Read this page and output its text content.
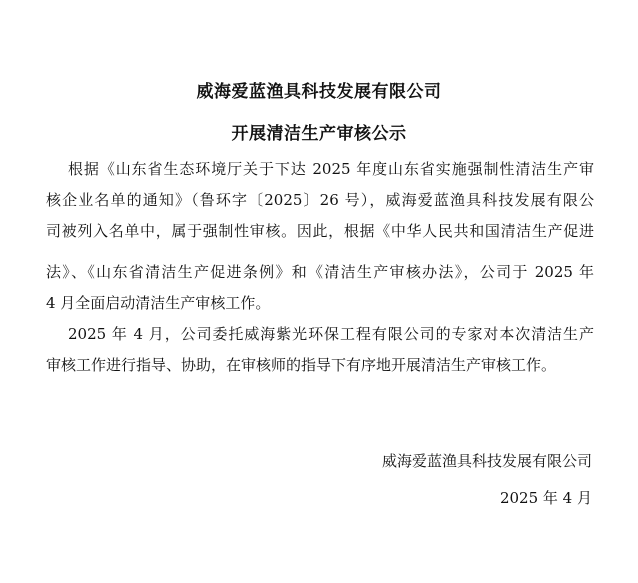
威海爱蓝渔具科技发展有限公司
开展清洁生产审核公示
根据《山东省生态环境厅关于下达 2025 年度山东省实施强制性清洁生产审
核企业名单的通知》（鲁环字〔2025〕26 号），威海爱蓝渔具科技发展有限公
司被列入名单中，属于强制性审核。因此，根据《中华人民共和国清洁生产促进
法》、《山东省清洁生产促进条例》和《清洁生产审核办法》，公司于 2025 年
4 月全面启动清洁生产审核工作。
2025 年 4 月，公司委托威海紫光环保工程有限公司的专家对本次清洁生产
审核工作进行指导、协助，在审核师的指导下有序地开展清洁生产审核工作。
威海爱蓝渔具科技发展有限公司
2025 年 4 月
